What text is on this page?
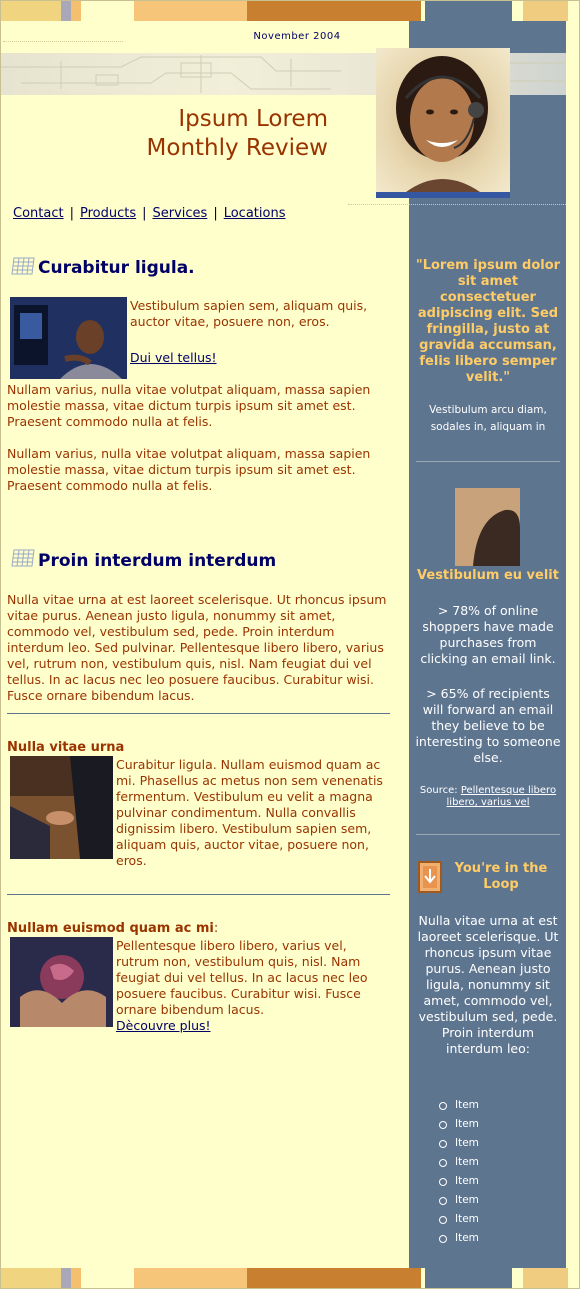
November 2004
Ipsum Lorem
Monthly Review
Contact | Products | Services | Locations
Curabitur ligula.
Vestibulum sapien sem, aliquam quis, auctor vitae, posuere non, eros.
Dui vel tellus!
Nullam varius, nulla vitae volutpat aliquam, massa sapien molestie massa, vitae dictum turpis ipsum sit amet est. Praesent commodo nulla at felis.
Nullam varius, nulla vitae volutpat aliquam, massa sapien molestie massa, vitae dictum turpis ipsum sit amet est. Praesent commodo nulla at felis.
Proin interdum interdum
Nulla vitae urna at est laoreet scelerisque. Ut rhoncus ipsum vitae purus. Aenean justo ligula, nonummy sit amet, commodo vel, vestibulum sed, pede. Proin interdum interdum leo. Sed pulvinar. Pellentesque libero libero, varius vel, rutrum non, vestibulum quis, nisl. Nam feugiat dui vel tellus. In ac lacus nec leo posuere faucibus. Curabitur wisi. Fusce ornare bibendum lacus.
Nulla vitae urna
Curabitur ligula. Nullam euismod quam ac mi. Phasellus ac metus non sem venenatis fermentum. Vestibulum eu velit a magna pulvinar condimentum. Nulla convallis dignissim libero. Vestibulum sapien sem, aliquam quis, auctor vitae, posuere non, eros.
Nullam euismod quam ac mi:
Pellentesque libero libero, varius vel, rutrum non, vestibulum quis, nisl. Nam feugiat dui vel tellus. In ac lacus nec leo posuere faucibus. Curabitur wisi. Fusce ornare bibendum lacus.
Dècouvre plus!
"Lorem ipsum dolor sit amet consectetuer adipiscing elit. Sed fringilla, justo at gravida accumsan, felis libero semper velit."
Vestibulum arcu diam, sodales in, aliquam in
Vestibulum eu velit
> 78% of online shoppers have made purchases from clicking an email link.
> 65% of recipients will forward an email they believe to be interesting to someone else.
Source: Pellentesque libero libero, varius vel
You're in the Loop
Nulla vitae urna at est laoreet scelerisque. Ut rhoncus ipsum vitae purus. Aenean justo ligula, nonummy sit amet, commodo vel, vestibulum sed, pede. Proin interdum interdum leo:
Item
Item
Item
Item
Item
Item
Item
Item
